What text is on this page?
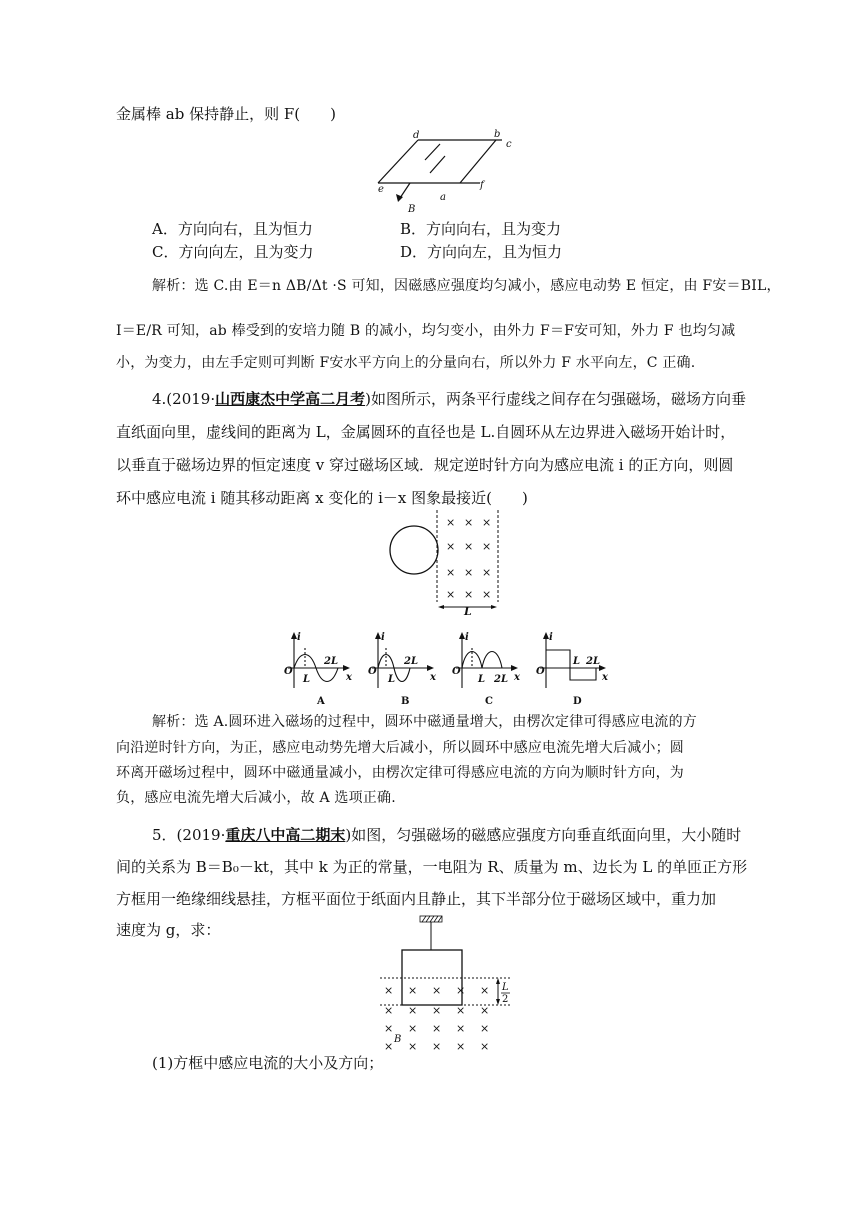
金属棒 ab 保持静止，则 F(　　)
d	b
c
e
a
f
B
A．方向向右，且为恒力	B．方向向右，且为变力
C．方向向左，且为变力	D．方向向左，且为恒力
解析：选 C.由 E＝n ΔB/Δt ·S 可知，因磁感应强度均匀减小，感应电动势 E 恒定，由 F安＝BIL，
I＝E/R 可知，ab 棒受到的安培力随 B 的减小，均匀变小，由外力 F＝F安可知，外力 F 也均匀减
小，为变力，由左手定则可判断 F安水平方向上的分量向右，所以外力 F 水平向左，C 正确.
4.(2019·山西康杰中学高二月考)如图所示，两条平行虚线之间存在匀强磁场，磁场方向垂
直纸面向里，虚线间的距离为 L，金属圆环的直径也是 L.自圆环从左边界进入磁场开始计时，
以垂直于磁场边界的恒定速度 v 穿过磁场区域．规定逆时针方向为感应电流 i 的正方向，则圆
环中感应电流 i 随其移动距离 x 变化的 i－x 图象最接近(　　)
× × ×
× × ×
× × ×
× × ×
L
i
O
L
2L
x
i
O
L
2L
x
i
O
L 2L x
i
O
L 2L
x
A	B	C	D
解析：选 A.圆环进入磁场的过程中，圆环中磁通量增大，由楞次定律可得感应电流的方
向沿逆时针方向，为正，感应电动势先增大后减小，所以圆环中感应电流先增大后减小；圆
环离开磁场过程中，圆环中磁通量减小，由楞次定律可得感应电流的方向为顺时针方向，为
负，感应电流先增大后减小，故 A 选项正确.
5．(2019·重庆八中高二期末)如图，匀强磁场的磁感应强度方向垂直纸面向里，大小随时
间的关系为 B＝B₀－kt，其中 k 为正的常量，一电阻为 R、质量为 m、边长为 L 的单匝正方形
方框用一绝缘细线悬挂，方框平面位于纸面内且静止，其下半部分位于磁场区域中，重力加
速度为 g，求：
L
2
× × × × ×
× × × × ×
× × × × ×
× × × × ×
B
(1)方框中感应电流的大小及方向；
